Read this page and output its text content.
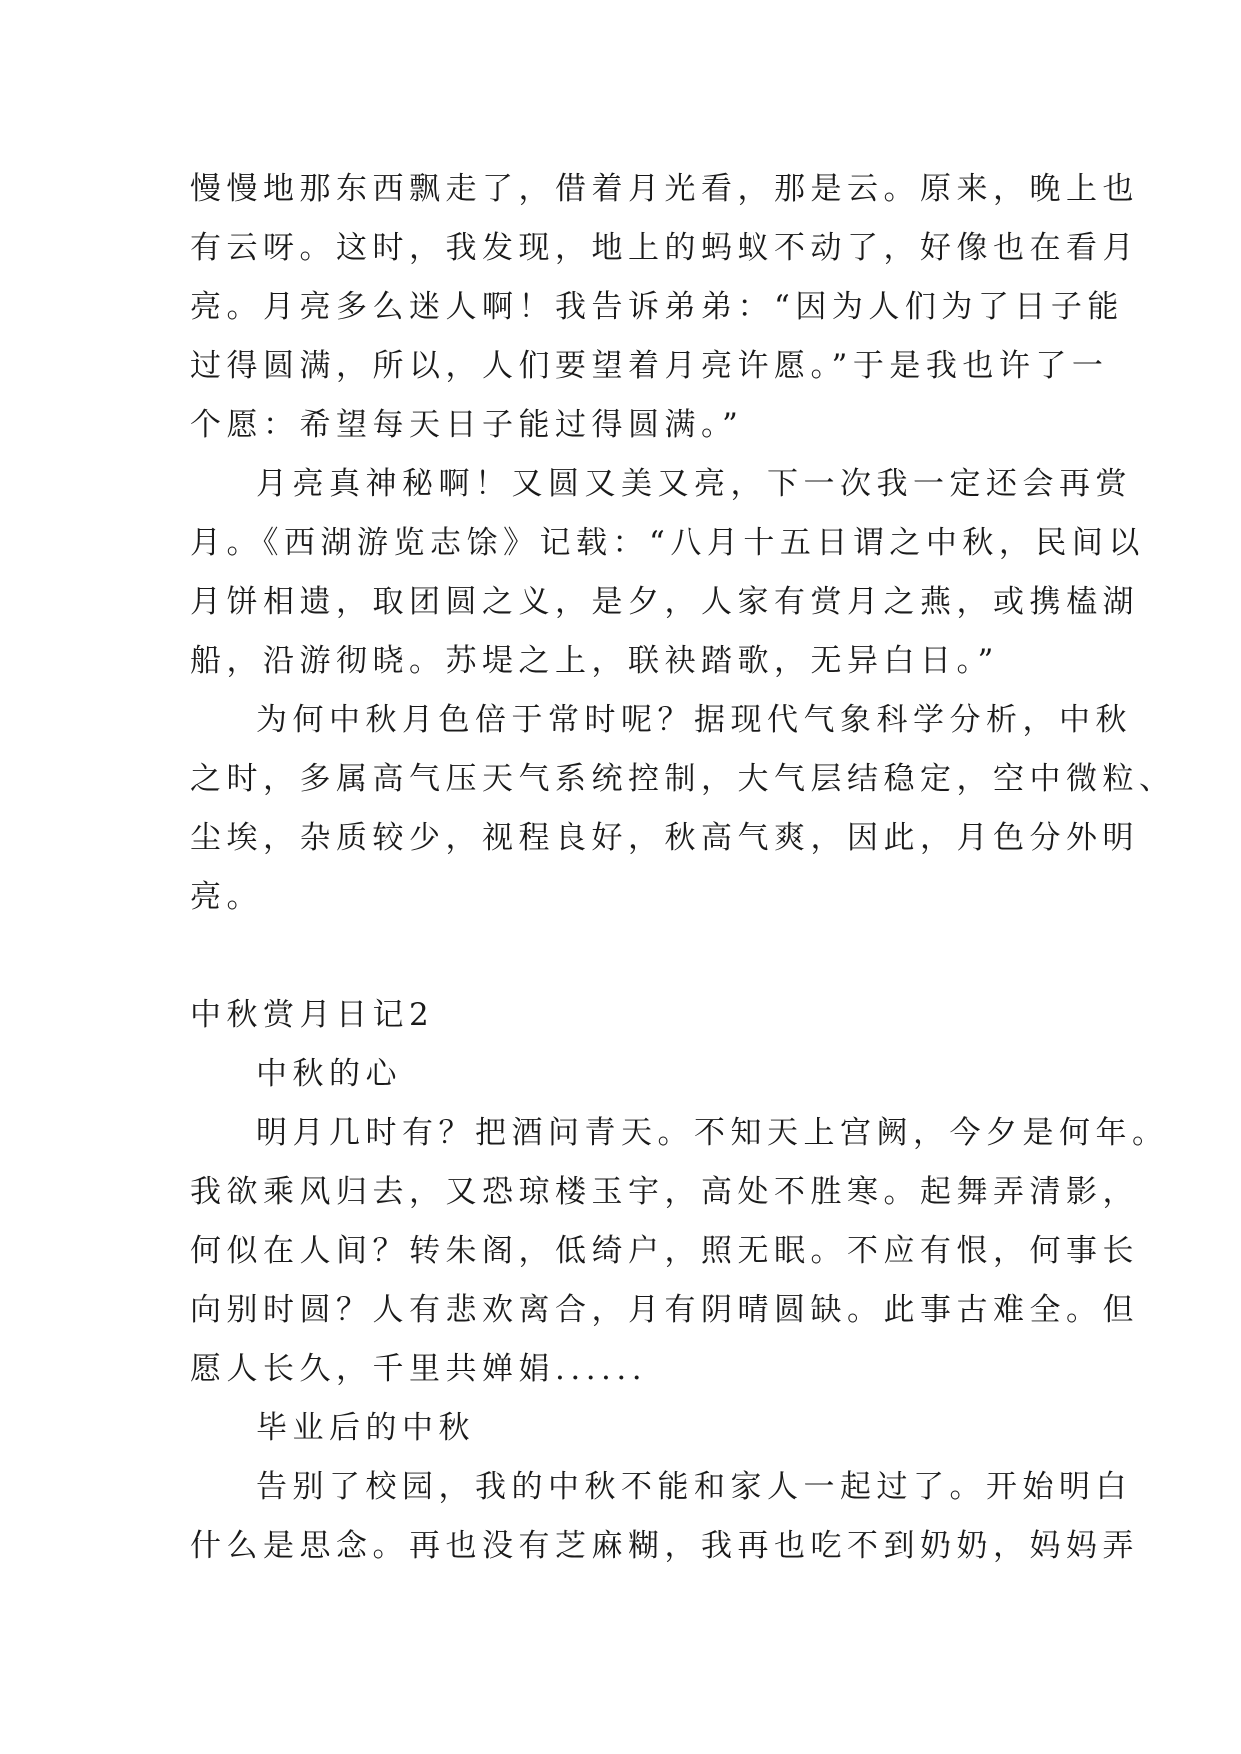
慢慢地那东西飘走了，借着月光看，那是云。原来，晚上也
有云呀。这时，我发现，地上的蚂蚁不动了，好像也在看月
亮。月亮多么迷人啊！我告诉弟弟：“因为人们为了日子能
过得圆满，所以，人们要望着月亮许愿。”于是我也许了一
个愿：希望每天日子能过得圆满。”
月亮真神秘啊！又圆又美又亮，下一次我一定还会再赏
月。《西湖游览志馀》记载：“八月十五日谓之中秋，民间以
月饼相遗，取团圆之义，是夕，人家有赏月之燕，或携榼湖
船，沿游彻晓。苏堤之上，联袂踏歌，无异白日。”
为何中秋月色倍于常时呢？据现代气象科学分析，中秋
之时，多属高气压天气系统控制，大气层结稳定，空中微粒、
尘埃，杂质较少，视程良好，秋高气爽，因此，月色分外明
亮。
中秋赏月日记2
中秋的心
明月几时有？把酒问青天。不知天上宫阙，今夕是何年。
我欲乘风归去，又恐琼楼玉宇，高处不胜寒。起舞弄清影，
何似在人间？转朱阁，低绮户，照无眠。不应有恨，何事长
向别时圆？人有悲欢离合，月有阴晴圆缺。此事古难全。但
愿人长久，千里共婵娟......
毕业后的中秋
告别了校园，我的中秋不能和家人一起过了。开始明白
什么是思念。再也没有芝麻糊，我再也吃不到奶奶，妈妈弄
